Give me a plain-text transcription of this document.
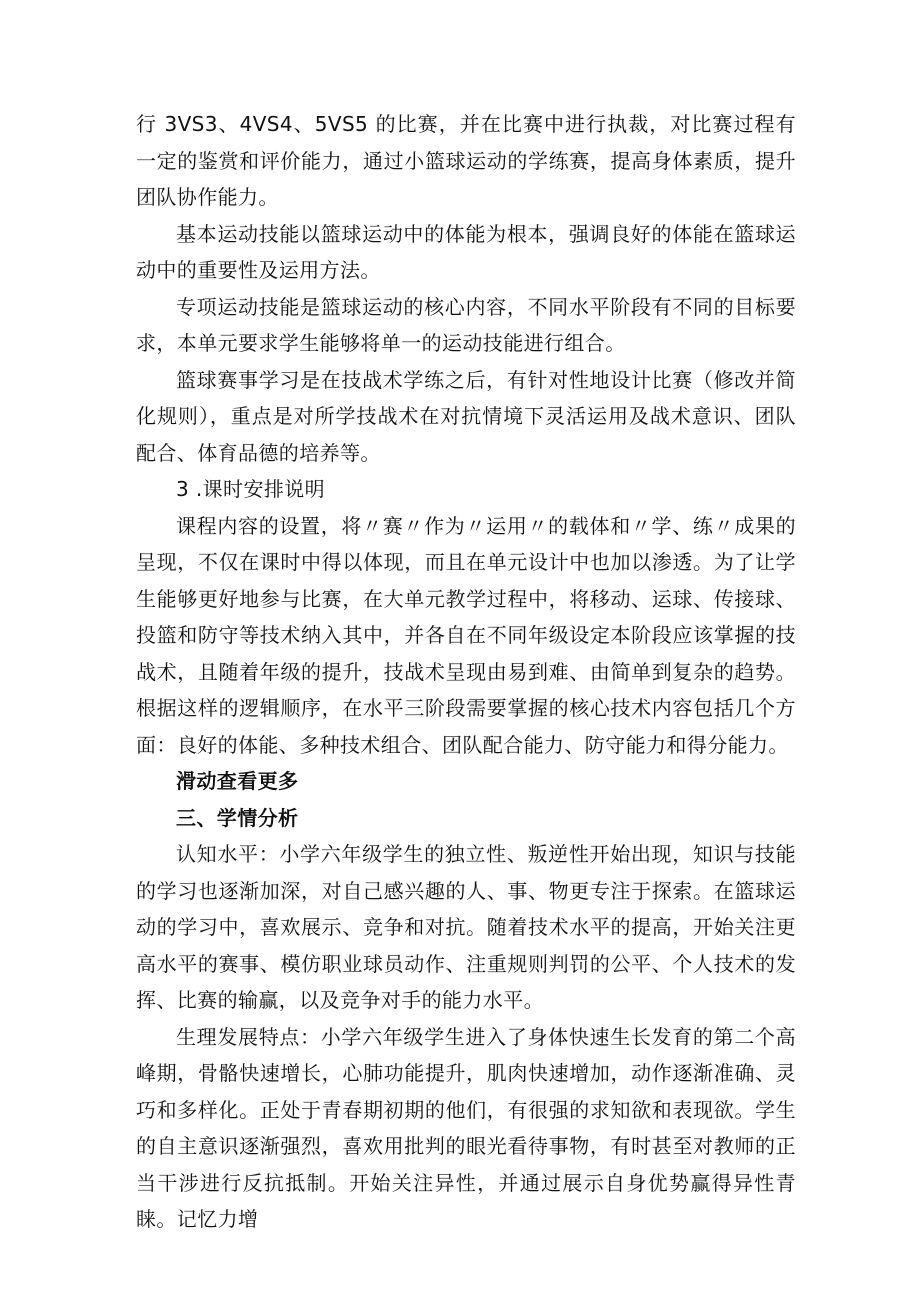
行 3VS3、4VS4、5VS5 的比赛，并在比赛中进行执裁，对比赛过程有一定的鉴赏和评价能力，通过小篮球运动的学练赛，提高身体素质，提升团队协作能力。

基本运动技能以篮球运动中的体能为根本，强调良好的体能在篮球运动中的重要性及运用方法。

专项运动技能是篮球运动的核心内容，不同水平阶段有不同的目标要求，本单元要求学生能够将单一的运动技能进行组合。

篮球赛事学习是在技战术学练之后，有针对性地设计比赛（修改并简化规则），重点是对所学技战术在对抗情境下灵活运用及战术意识、团队配合、体育品德的培养等。

3 .课时安排说明

课程内容的设置，将〃赛〃作为〃运用〃的载体和〃学、练〃成果的呈现，不仅在课时中得以体现，而且在单元设计中也加以渗透。为了让学生能够更好地参与比赛，在大单元教学过程中，将移动、运球、传接球、投篮和防守等技术纳入其中，并各自在不同年级设定本阶段应该掌握的技战术，且随着年级的提升，技战术呈现由易到难、由简单到复杂的趋势。根据这样的逻辑顺序，在水平三阶段需要掌握的核心技术内容包括几个方面：良好的体能、多种技术组合、团队配合能力、防守能力和得分能力。

滑动查看更多

三、学情分析

认知水平：小学六年级学生的独立性、叛逆性开始出现，知识与技能的学习也逐渐加深，对自己感兴趣的人、事、物更专注于探索。在篮球运动的学习中，喜欢展示、竞争和对抗。随着技术水平的提高，开始关注更高水平的赛事、模仿职业球员动作、注重规则判罚的公平、个人技术的发挥、比赛的输赢，以及竞争对手的能力水平。

生理发展特点：小学六年级学生进入了身体快速生长发育的第二个高峰期，骨骼快速增长，心肺功能提升，肌肉快速增加，动作逐渐准确、灵巧和多样化。正处于青春期初期的他们，有很强的求知欲和表现欲。学生的自主意识逐渐强烈，喜欢用批判的眼光看待事物，有时甚至对教师的正当干涉进行反抗抵制。开始关注异性，并通过展示自身优势赢得异性青睐。记忆力增
